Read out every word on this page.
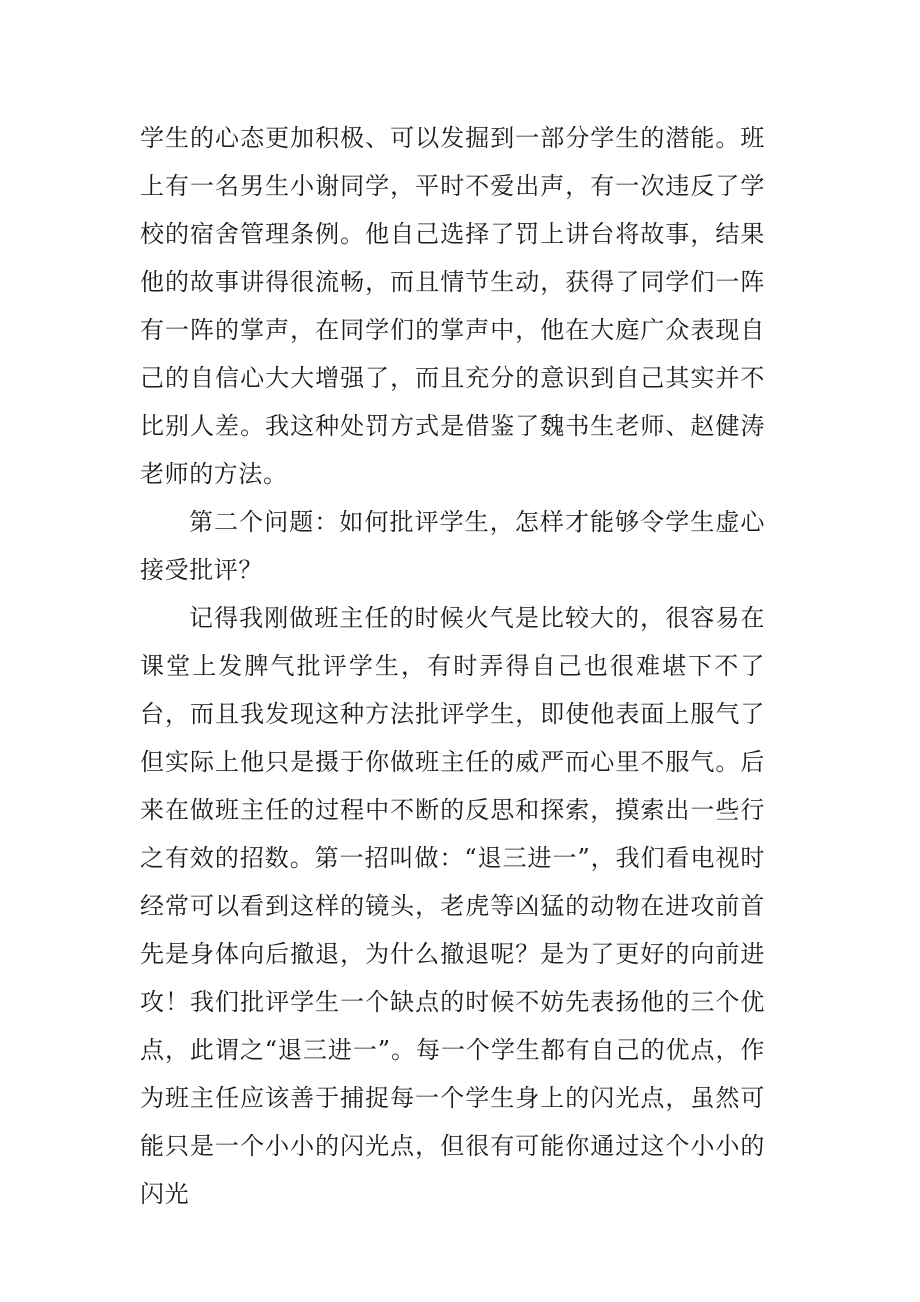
学生的心态更加积极、可以发掘到一部分学生的潜能。班上有一名男生小谢同学，平时不爱出声，有一次违反了学校的宿舍管理条例。他自己选择了罚上讲台将故事，结果他的故事讲得很流畅，而且情节生动，获得了同学们一阵有一阵的掌声，在同学们的掌声中，他在大庭广众表现自己的自信心大大增强了，而且充分的意识到自己其实并不比别人差。我这种处罚方式是借鉴了魏书生老师、赵健涛老师的方法。

第二个问题：如何批评学生，怎样才能够令学生虚心接受批评？

记得我刚做班主任的时候火气是比较大的，很容易在课堂上发脾气批评学生，有时弄得自己也很难堪下不了台，而且我发现这种方法批评学生，即使他表面上服气了但实际上他只是摄于你做班主任的威严而心里不服气。后来在做班主任的过程中不断的反思和探索，摸索出一些行之有效的招数。第一招叫做：“退三进一”，我们看电视时经常可以看到这样的镜头，老虎等凶猛的动物在进攻前首先是身体向后撤退，为什么撤退呢？是为了更好的向前进攻！我们批评学生一个缺点的时候不妨先表扬他的三个优点，此谓之“退三进一”。每一个学生都有自己的优点，作为班主任应该善于捕捉每一个学生身上的闪光点，虽然可能只是一个小小的闪光点，但很有可能你通过这个小小的闪光
